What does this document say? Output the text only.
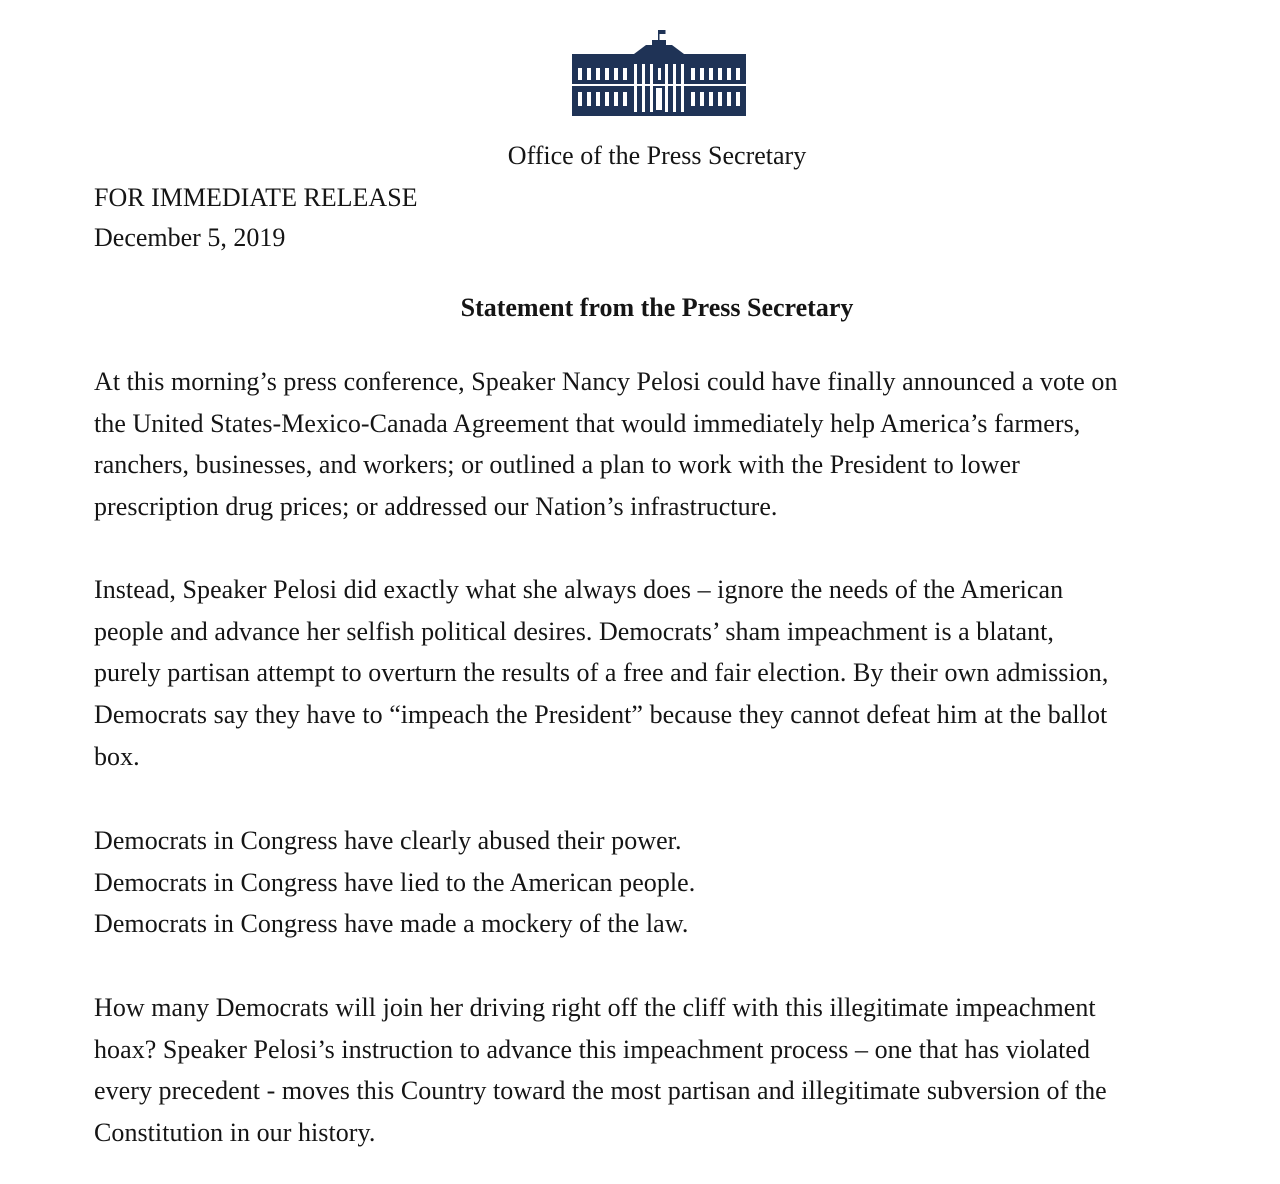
Office of the Press Secretary
FOR IMMEDIATE RELEASE
December 5, 2019
Statement from the Press Secretary
At this morning’s press conference, Speaker Nancy Pelosi could have finally announced a vote on
the United States-Mexico-Canada Agreement that would immediately help America’s farmers,
ranchers, businesses, and workers; or outlined a plan to work with the President to lower
prescription drug prices; or addressed our Nation’s infrastructure.
Instead, Speaker Pelosi did exactly what she always does – ignore the needs of the American
people and advance her selfish political desires. Democrats’ sham impeachment is a blatant,
purely partisan attempt to overturn the results of a free and fair election. By their own admission,
Democrats say they have to “impeach the President” because they cannot defeat him at the ballot
box.
Democrats in Congress have clearly abused their power.
Democrats in Congress have lied to the American people.
Democrats in Congress have made a mockery of the law.
How many Democrats will join her driving right off the cliff with this illegitimate impeachment
hoax? Speaker Pelosi’s instruction to advance this impeachment process – one that has violated
every precedent - moves this Country toward the most partisan and illegitimate subversion of the
Constitution in our history.
